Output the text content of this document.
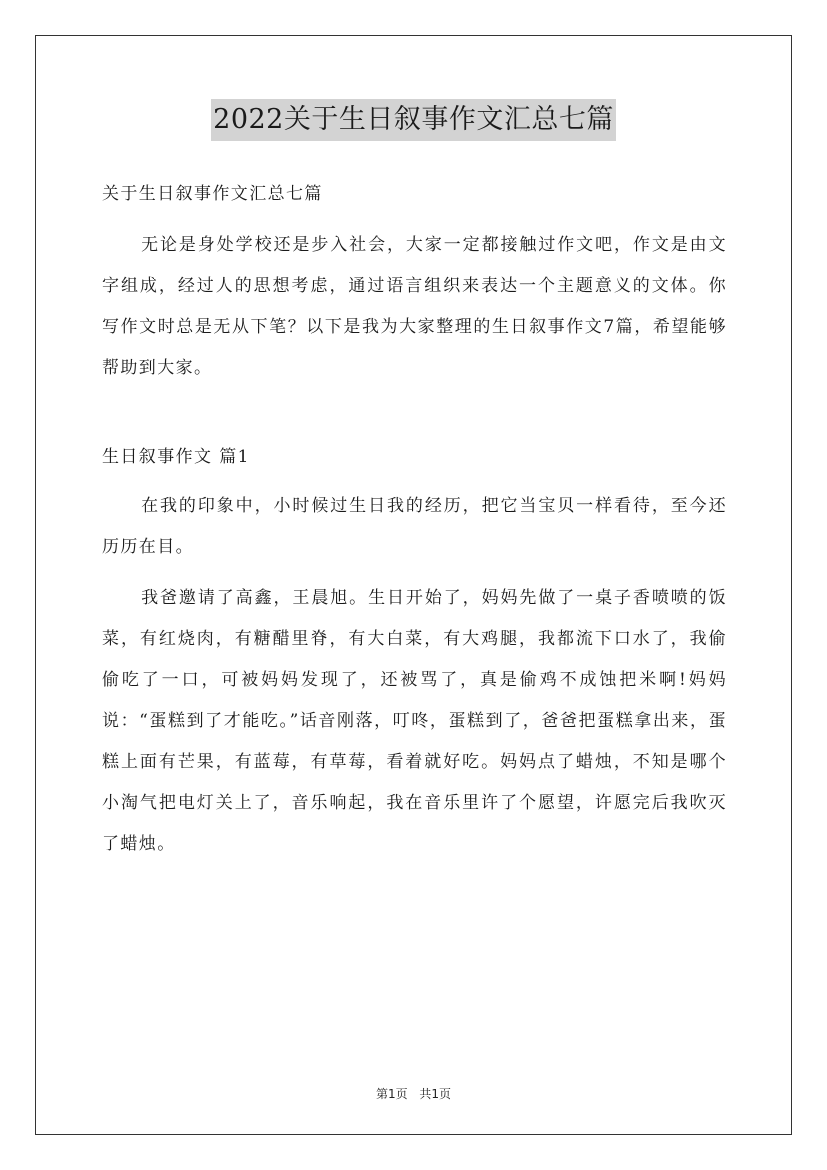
2022关于生日叙事作文汇总七篇

关于生日叙事作文汇总七篇

无论是身处学校还是步入社会，大家一定都接触过作文吧，作文是由文字组成，经过人的思想考虑，通过语言组织来表达一个主题意义的文体。你写作文时总是无从下笔？以下是我为大家整理的生日叙事作文7篇，希望能够帮助到大家。

生日叙事作文 篇1

在我的印象中，小时候过生日我的经历，把它当宝贝一样看待，至今还历历在目。

我爸邀请了高鑫，王晨旭。生日开始了，妈妈先做了一桌子香喷喷的饭菜，有红烧肉，有糖醋里脊，有大白菜，有大鸡腿，我都流下口水了，我偷偷吃了一口，可被妈妈发现了，还被骂了，真是偷鸡不成蚀把米啊!妈妈说：“蛋糕到了才能吃。”话音刚落，叮咚，蛋糕到了，爸爸把蛋糕拿出来，蛋糕上面有芒果，有蓝莓，有草莓，看着就好吃。妈妈点了蜡烛，不知是哪个小淘气把电灯关上了，音乐响起，我在音乐里许了个愿望，许愿完后我吹灭了蜡烛。

第1页 共1页
